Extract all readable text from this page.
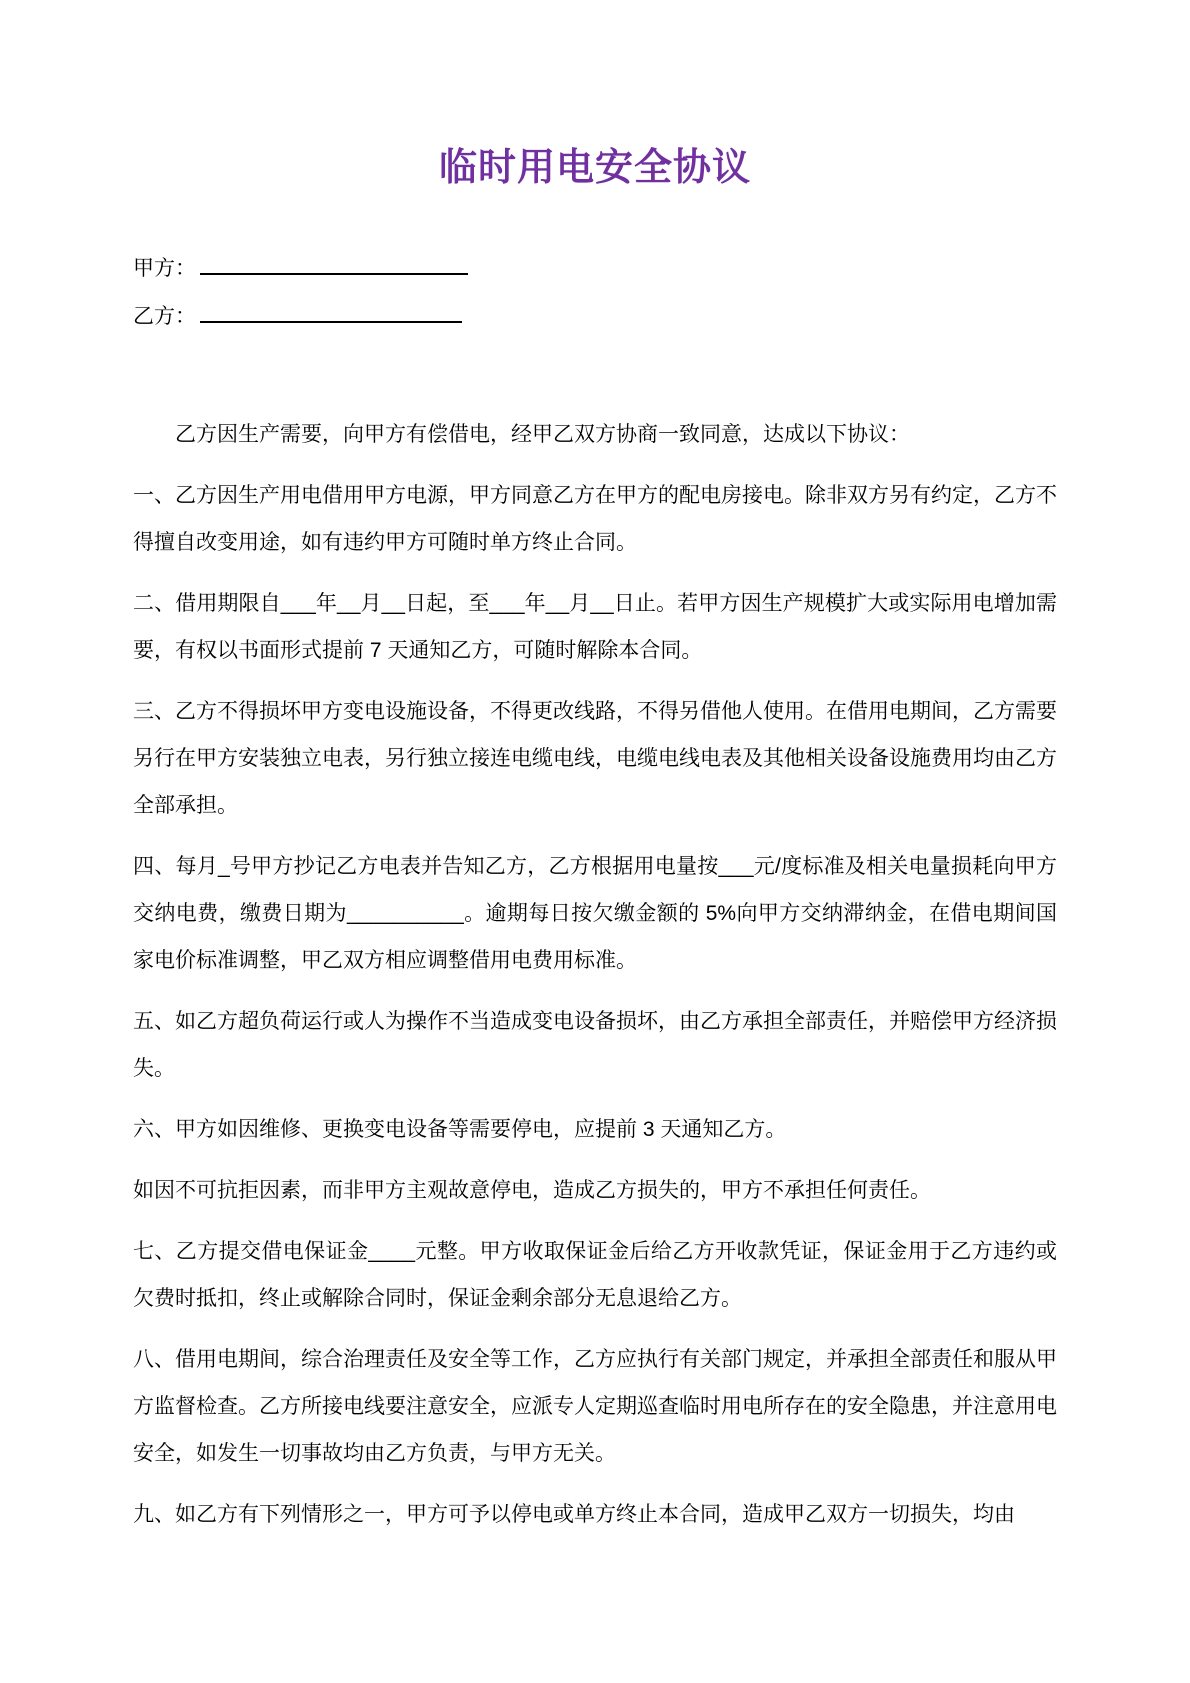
临时用电安全协议

甲方：

乙方：

乙方因生产需要，向甲方有偿借电，经甲乙双方协商一致同意，达成以下协议：

一、乙方因生产用电借用甲方电源，甲方同意乙方在甲方的配电房接电。除非双方另有约定，乙方不得擅自改变用途，如有违约甲方可随时单方终止合同。

二、借用期限自___年__月__日起，至___年__月__日止。若甲方因生产规模扩大或实际用电增加需要，有权以书面形式提前 7 天通知乙方，可随时解除本合同。

三、乙方不得损坏甲方变电设施设备，不得更改线路，不得另借他人使用。在借用电期间，乙方需要另行在甲方安装独立电表，另行独立接连电缆电线，电缆电线电表及其他相关设备设施费用均由乙方全部承担。

四、每月_号甲方抄记乙方电表并告知乙方，乙方根据用电量按___元/度标准及相关电量损耗向甲方交纳电费，缴费日期为__________。逾期每日按欠缴金额的 5%向甲方交纳滞纳金，在借电期间国家电价标准调整，甲乙双方相应调整借用电费用标准。

五、如乙方超负荷运行或人为操作不当造成变电设备损坏，由乙方承担全部责任，并赔偿甲方经济损失。

六、甲方如因维修、更换变电设备等需要停电，应提前 3 天通知乙方。

如因不可抗拒因素，而非甲方主观故意停电，造成乙方损失的，甲方不承担任何责任。

七、乙方提交借电保证金____元整。甲方收取保证金后给乙方开收款凭证，保证金用于乙方违约或欠费时抵扣，终止或解除合同时，保证金剩余部分无息退给乙方。

八、借用电期间，综合治理责任及安全等工作，乙方应执行有关部门规定，并承担全部责任和服从甲方监督检查。乙方所接电线要注意安全，应派专人定期巡查临时用电所存在的安全隐患，并注意用电安全，如发生一切事故均由乙方负责，与甲方无关。

九、如乙方有下列情形之一，甲方可予以停电或单方终止本合同，造成甲乙双方一切损失，均由
